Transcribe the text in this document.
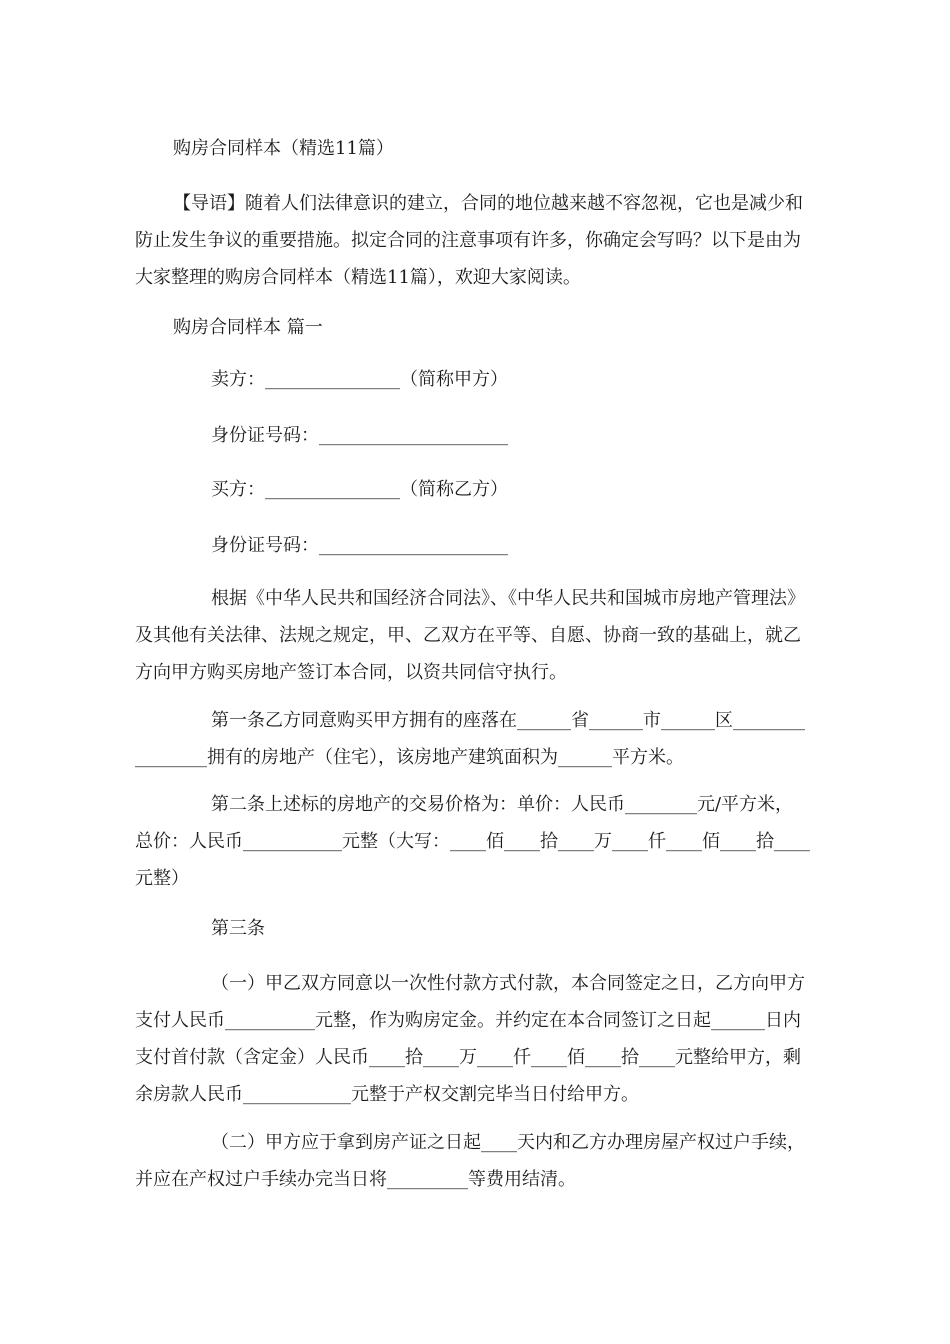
购房合同样本（精选11篇）
【导语】随着人们法律意识的建立，合同的地位越来越不容忽视，它也是减少和防止发生争议的重要措施。拟定合同的注意事项有许多，你确定会写吗？以下是由为大家整理的购房合同样本（精选11篇），欢迎大家阅读。
购房合同样本 篇一
卖方：_______________（简称甲方）
身份证号码：_____________________
买方：_______________（简称乙方）
身份证号码：_____________________
根据《中华人民共和国经济合同法》、《中华人民共和国城市房地产管理法》及其他有关法律、法规之规定，甲、乙双方在平等、自愿、协商一致的基础上，就乙方向甲方购买房地产签订本合同，以资共同信守执行。
第一条乙方同意购买甲方拥有的座落在______省______市______区________________拥有的房地产（住宅），该房地产建筑面积为______平方米。
第二条上述标的房地产的交易价格为：单价：人民币________元/平方米，总价：人民币___________元整（大写：____佰____拾____万____仟____佰____拾____元整）
第三条
（一）甲乙双方同意以一次性付款方式付款，本合同签定之日，乙方向甲方支付人民币__________元整，作为购房定金。并约定在本合同签订之日起______日内支付首付款（含定金）人民币____拾____万____仟____佰____拾____元整给甲方，剩余房款人民币____________元整于产权交割完毕当日付给甲方。
（二）甲方应于拿到房产证之日起____天内和乙方办理房屋产权过户手续，并应在产权过户手续办完当日将_________等费用结清。
